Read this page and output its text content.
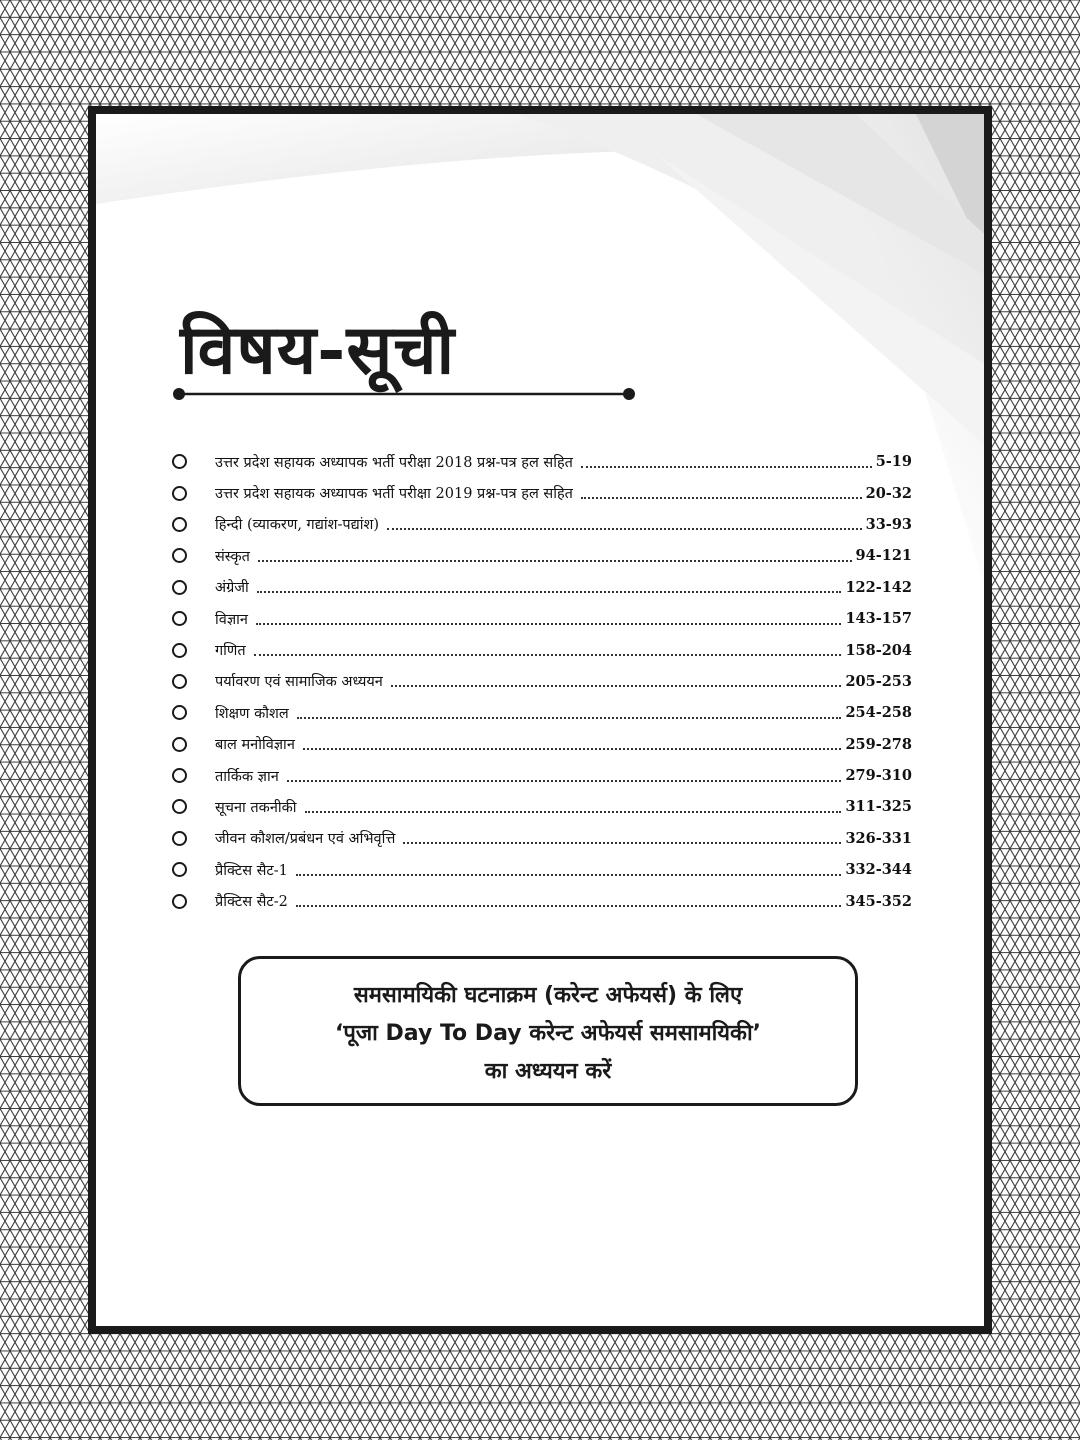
विषय-सूची
उत्तर प्रदेश सहायक अध्यापक भर्ती परीक्षा 2018 प्रश्न-पत्र हल सहित	5-19
उत्तर प्रदेश सहायक अध्यापक भर्ती परीक्षा 2019 प्रश्न-पत्र हल सहित	20-32
हिन्दी (व्याकरण, गद्यांश-पद्यांश)	33-93
संस्कृत	94-121
अंग्रेजी	122-142
विज्ञान	143-157
गणित	158-204
पर्यावरण एवं सामाजिक अध्ययन	205-253
शिक्षण कौशल	254-258
बाल मनोविज्ञान	259-278
तार्किक ज्ञान	279-310
सूचना तकनीकी	311-325
जीवन कौशल/प्रबंधन एवं अभिवृत्ति	326-331
प्रैक्टिस सैट-1	332-344
प्रैक्टिस सैट-2	345-352
समसामयिकी घटनाक्रम (करेन्ट अफेयर्स) के लिए
‘पूजा Day To Day करेन्ट अफेयर्स समसामयिकी’
का अध्ययन करें
